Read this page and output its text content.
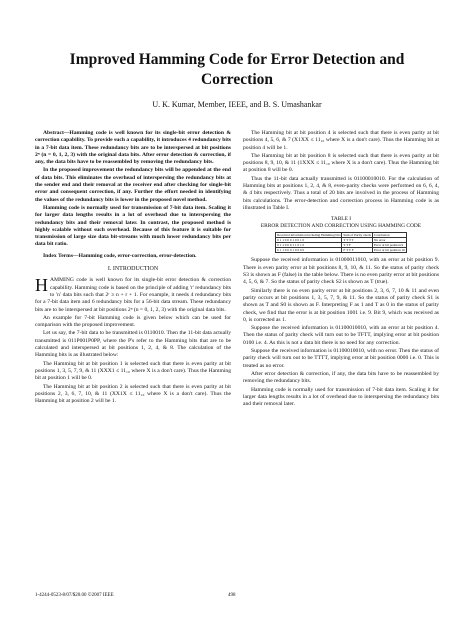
Improved Hamming Code for Error Detection and Correction
U. K. Kumar, Member, IEEE, and B. S. Umashankar

Abstract—Hamming code is well known for its single-bit error detection & correction capability. To provide such a capability, it introduces 4 redundancy bits in a 7-bit data item. These redundancy bits are to be interspersed at bit positions 2ⁿ (n = 0, 1, 2, 3) with the original data bits. After error detection & correction, if any, the data bits have to be reassembled by removing the redundancy bits.

In the proposed improvement the redundancy bits will be appended at the end of data bits. This eliminates the overhead of interspersing the redundancy bits at the sender end and their removal at the receiver end after checking for single-bit error and consequent correction, if any. Further the effort needed in identifying the values of the redundancy bits is lower in the proposed novel method.

Hamming code is normally used for transmission of 7-bit data item. Scaling it for larger data lengths results in a lot of overhead due to interspersing the redundancy bits and their removal later. In contrast, the proposed method is highly scalable without such overhead. Because of this feature it is suitable for transmission of large size data bit-streams with much lower redundancy bits per data bit ratio.

Index Terms—Hamming code, error-correction, error-detection.

I. INTRODUCTION

H AMMING code is well known for its single-bit error detection & correction capability. Hamming code is based on the principle of adding 'r' redundancy bits to 'n' data bits such that 2ʳ ≥ n + r + 1. For example, it needs 4 redundancy bits for a 7-bit data item and 6 redundancy bits for a 56-bit data stream. These redundancy bits are to be interspersed at bit positions 2ⁿ (n = 0, 1, 2, 3) with the original data bits.

An example for 7-bit Hamming code is given below which can be used for comparison with the proposed improvement.

Let us say, the 7-bit data to be transmitted is 0110010. Then the 11-bit data actually transmitted is 011P001P0PP, where the P's refer to the Hamming bits that are to be calculated and interspersed at bit positions 1, 2, 4, & 8. The calculation of the Hamming bits is as illustrated below:

The Hamming bit at bit position 1 is selected such that there is even parity at bit positions 1, 3, 5, 7, 9, & 11 (XXX1 ≤ 11₁₀ where X is a don't care). Thus the Hamming bit at position 1 will be 0.

The Hamming bit at bit position 2 is selected such that there is even parity at bit positions 2, 3, 6, 7, 10, & 11 (XX1X ≤ 11₁₀ where X is a don't care). Thus the Hamming bit at position 2 will be 1.

The Hamming bit at bit position 4 is selected such that there is even parity at bit positions 4, 5, 6, & 7 (X1XX ≤ 11₁₀ where X is a don't care). Thus the Hamming bit at position 4 will be 1.

The Hamming bit at bit position 8 is selected such that there is even parity at bit positions 8, 9, 10, & 11 (1XXX ≤ 11₁₀ where X is a don't care). Thus the Hamming bit at position 8 will be 0.

Thus the 11-bit data actually transmitted is 01100010010. For the calculation of Hamming bits at positions 1, 2, 4, & 8, even-parity checks were performed on 6, 6, 4, & 4 bits respectively. Thus a total of 20 bits are involved in the process of Hamming bits calculations. The error-detection and correction process in Hamming code is as illustrated in Table I.

TABLE I
ERROR DETECTION AND CORRECTION USING HAMMING CODE
Received information including Hamming bits	Sum of Parity check	Conclusion
0 1 1 0 0 0 1 0 0 1 0	T T T T	No error
0 1 1 0 0 0 1 1 0 1 0	T T F	Error at bit position 9
0 1 1 0 0 0 1 0 0 0 0	F T T F	Error at bit position 10

Suppose the received information is 01000011010, with an error at bit position 9. There is even parity error at bit positions 8, 9, 10, & 11. So the status of parity check S3 is shown as F (false) in the table below. There is no even parity error at bit positions 4, 5, 6, & 7. So the status of parity check S2 is shown as T (true).

Similarly there is no even parity error at bit positions 2, 3, 6, 7, 10 & 11 and even parity occurs at bit positions 1, 3, 5, 7, 9, & 11. So the status of parity check S1 is shown as T and S0 is shown as F. Interpreting F as 1 and T as 0 in the status of parity check, we find that the error is at bit position 1001 i.e. 9. Bit 9, which was received as 0, is corrected as 1.

Suppose the received information is 01100010010, with an error at bit position 4. Then the status of parity check will turn out to be TFTT, implying error at bit position 0100 i.e. 4. As this is not a data bit there is no need for any correction.

Suppose the received information is 01100010010, with no error. Then the status of parity check will turn out to be TTTT, implying error at bit position 0000 i.e. 0. This is treated as no error.

After error detection & correction, if any, the data bits have to be reassembled by removing the redundancy bits.

Hamming code is normally used for transmission of 7-bit data item. Scaling it for larger data lengths results in a lot of overhead due to interspersing the redundancy bits and their removal later.

1-4244-0523-8/07/$20.00 ©2007 IEEE	498
